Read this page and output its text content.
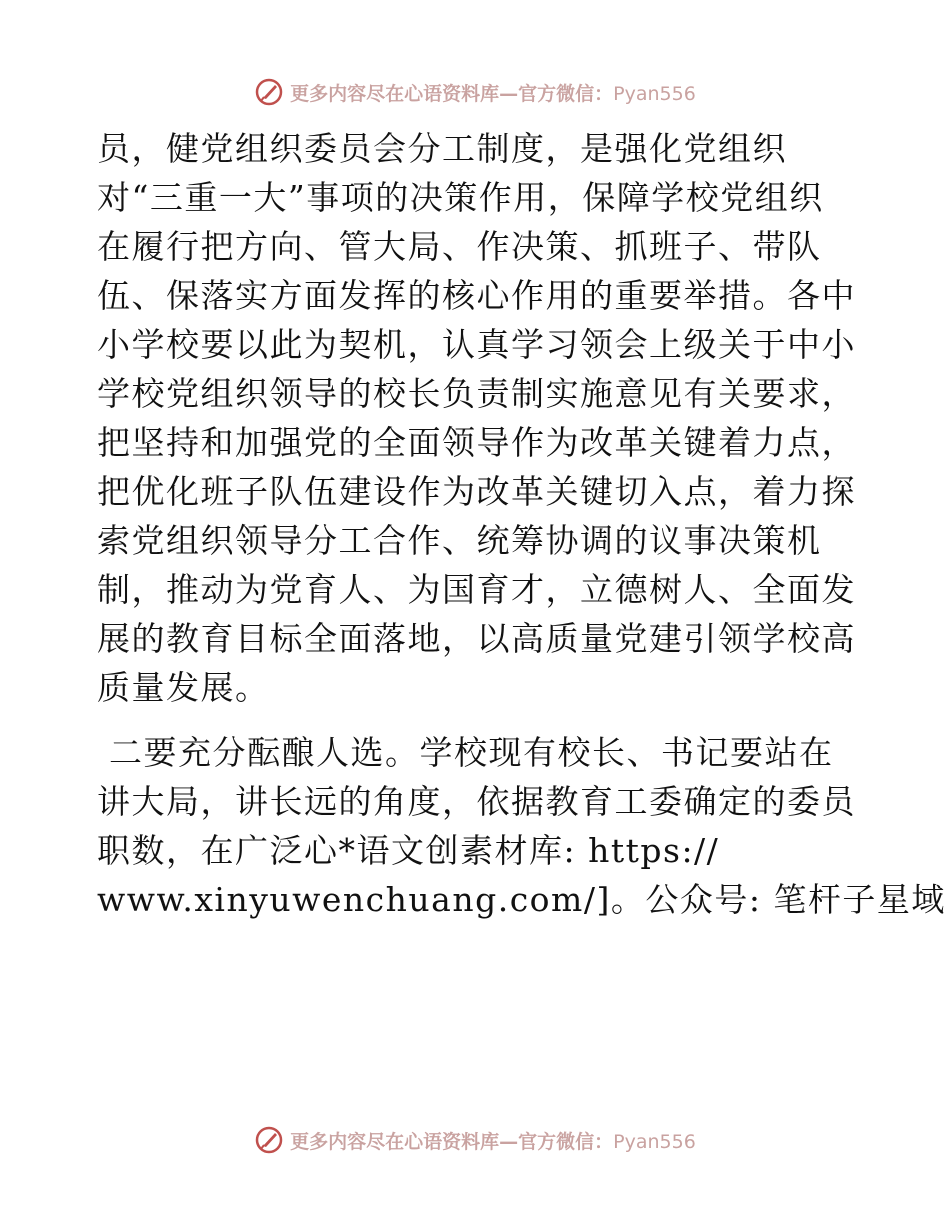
更多内容尽在心语资料库—官方微信：Pyan556
员，健党组织委员会分工制度，是强化党组织
对“三重一大”事项的决策作用，保障学校党组织
在履行把方向、管大局、作决策、抓班子、带队
伍、保落实方面发挥的核心作用的重要举措。各中
小学校要以此为契机，认真学习领会上级关于中小
学校党组织领导的校长负责制实施意见有关要求，
把坚持和加强党的全面领导作为改革关键着力点，
把优化班子队伍建设作为改革关键切入点，着力探
索党组织领导分工合作、统筹协调的议事决策机
制，推动为党育人、为国育才，立德树人、全面发
展的教育目标全面落地，以高质量党建引领学校高
质量发展。
二要充分酝酿人选。学校现有校长、书记要站在
讲大局，讲长远的角度，依据教育工委确定的委员
职数，在广泛心*语文创素材库: https://
www.xinyuwenchuang.com/]。公众号: 笔杆子星域
更多内容尽在心语资料库—官方微信：Pyan556
